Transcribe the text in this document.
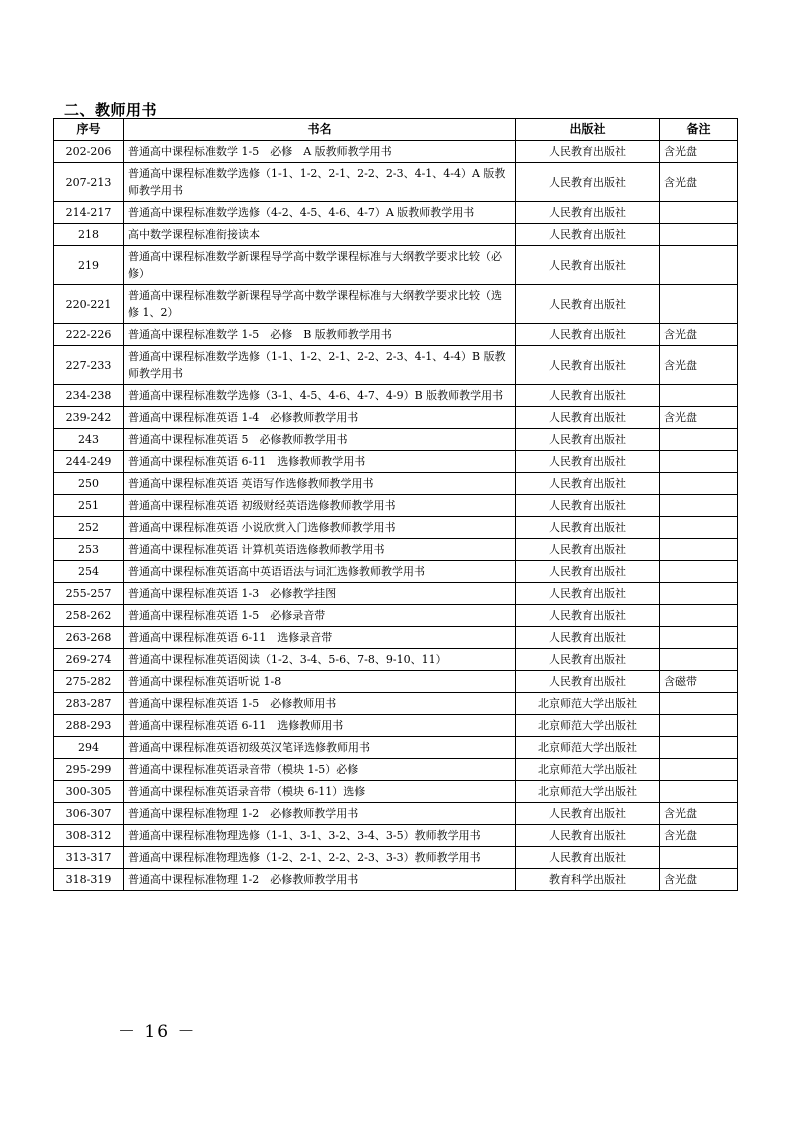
二、教师用书
序号	书名	出版社	备注
202-206	普通高中课程标准数学 1-5　必修　A 版教师教学用书	人民教育出版社	含光盘
207-213	普通高中课程标准数学选修（1-1、1-2、2-1、2-2、2-3、4-1、4-4）A 版教师教学用书	人民教育出版社	含光盘
214-217	普通高中课程标准数学选修（4-2、4-5、4-6、4-7）A 版教师教学用书	人民教育出版社	
218	高中数学课程标准衔接读本	人民教育出版社	
219	普通高中课程标准数学新课程导学高中数学课程标准与大纲教学要求比较（必修）	人民教育出版社	
220-221	普通高中课程标准数学新课程导学高中数学课程标准与大纲教学要求比较（选修 1、2）	人民教育出版社	
222-226	普通高中课程标准数学 1-5　必修　B 版教师教学用书	人民教育出版社	含光盘
227-233	普通高中课程标准数学选修（1-1、1-2、2-1、2-2、2-3、4-1、4-4）B 版教师教学用书	人民教育出版社	含光盘
234-238	普通高中课程标准数学选修（3-1、4-5、4-6、4-7、4-9）B 版教师教学用书	人民教育出版社	
239-242	普通高中课程标准英语 1-4　必修教师教学用书	人民教育出版社	含光盘
243	普通高中课程标准英语 5　必修教师教学用书	人民教育出版社	
244-249	普通高中课程标准英语 6-11　选修教师教学用书	人民教育出版社	
250	普通高中课程标准英语 英语写作选修教师教学用书	人民教育出版社	
251	普通高中课程标准英语 初级财经英语选修教师教学用书	人民教育出版社	
252	普通高中课程标准英语 小说欣赏入门选修教师教学用书	人民教育出版社	
253	普通高中课程标准英语 计算机英语选修教师教学用书	人民教育出版社	
254	普通高中课程标准英语高中英语语法与词汇选修教师教学用书	人民教育出版社	
255-257	普通高中课程标准英语 1-3　必修教学挂图	人民教育出版社	
258-262	普通高中课程标准英语 1-5　必修录音带	人民教育出版社	
263-268	普通高中课程标准英语 6-11　选修录音带	人民教育出版社	
269-274	普通高中课程标准英语阅读（1-2、3-4、5-6、7-8、9-10、11）	人民教育出版社	
275-282	普通高中课程标准英语听说 1-8	人民教育出版社	含磁带
283-287	普通高中课程标准英语 1-5　必修教师用书	北京师范大学出版社	
288-293	普通高中课程标准英语 6-11　选修教师用书	北京师范大学出版社	
294	普通高中课程标准英语初级英汉笔译选修教师用书	北京师范大学出版社	
295-299	普通高中课程标准英语录音带（模块 1-5）必修	北京师范大学出版社	
300-305	普通高中课程标准英语录音带（模块 6-11）选修	北京师范大学出版社	
306-307	普通高中课程标准物理 1-2　必修教师教学用书	人民教育出版社	含光盘
308-312	普通高中课程标准物理选修（1-1、3-1、3-2、3-4、3-5）教师教学用书	人民教育出版社	含光盘
313-317	普通高中课程标准物理选修（1-2、2-1、2-2、2-3、3-3）教师教学用书	人民教育出版社	
318-319	普通高中课程标准物理 1-2　必修教师教学用书	教育科学出版社	含光盘
－ 16 －
